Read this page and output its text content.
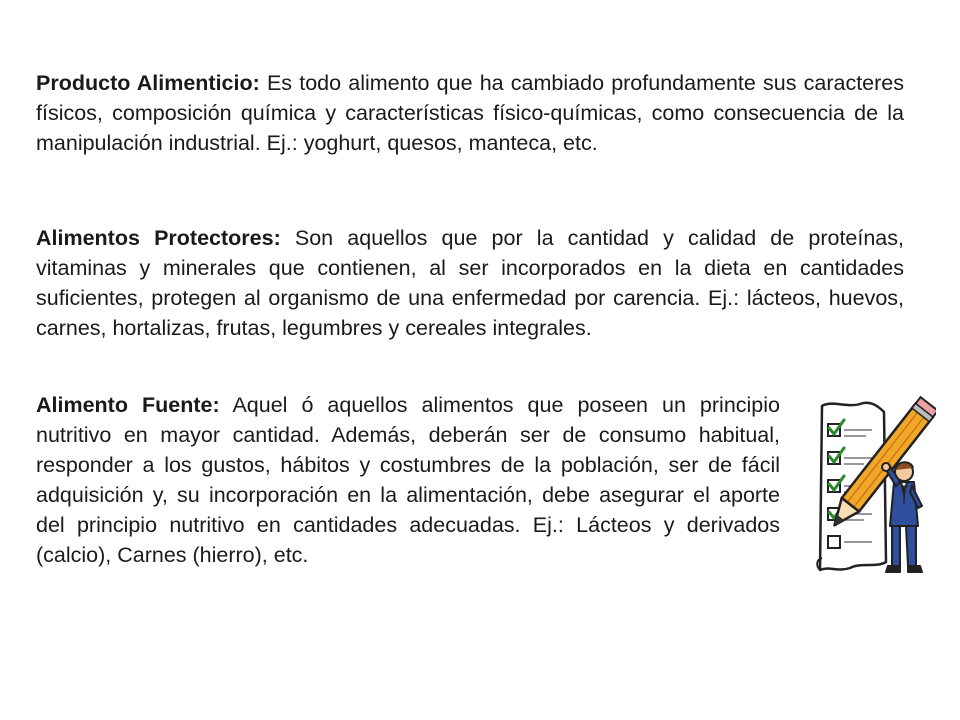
Producto Alimenticio: Es todo alimento que ha cambiado profundamente sus caracteres físicos, composición química y características físico-químicas, como consecuencia de la manipulación industrial. Ej.: yoghurt, quesos, manteca, etc.
Alimentos Protectores: Son aquellos que por la cantidad y calidad de proteínas, vitaminas y minerales que contienen, al ser incorporados en la dieta en cantidades suficientes, protegen al organismo de una enfermedad por carencia. Ej.: lácteos, huevos, carnes, hortalizas, frutas, legumbres y cereales integrales.
Alimento Fuente: Aquel ó aquellos alimentos que poseen un principio nutritivo en mayor cantidad. Además, deberán ser de consumo habitual, responder a los gustos, hábitos y costumbres de la población, ser de fácil adquisición y, su incorporación en la alimentación, debe asegurar el aporte del principio nutritivo en cantidades adecuadas. Ej.: Lácteos y derivados (calcio), Carnes (hierro), etc.
